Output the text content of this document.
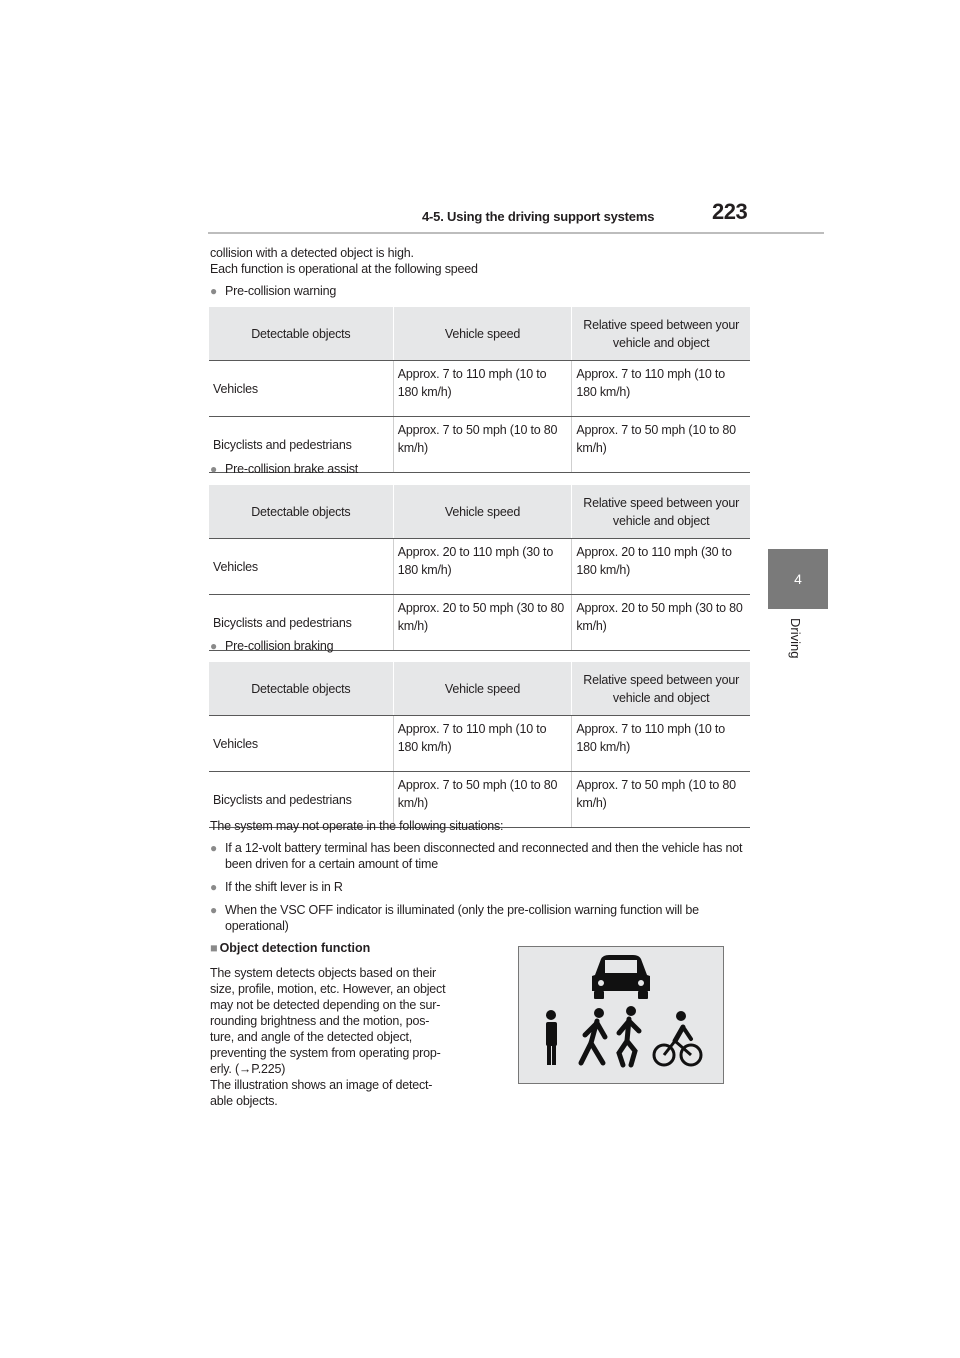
4-5. Using the driving support systems	223
4
Driving
collision with a detected object is high.
Each function is operational at the following speed
● Pre-collision warning
Detectable objects	Vehicle speed	Relative speed between your vehicle and object
Vehicles	Approx. 7 to 110 mph (10 to 180 km/h)	Approx. 7 to 110 mph (10 to 180 km/h)
Bicyclists and pedestrians	Approx. 7 to 50 mph (10 to 80 km/h)	Approx. 7 to 50 mph (10 to 80 km/h)
● Pre-collision brake assist
Detectable objects	Vehicle speed	Relative speed between your vehicle and object
Vehicles	Approx. 20 to 110 mph (30 to 180 km/h)	Approx. 20 to 110 mph (30 to 180 km/h)
Bicyclists and pedestrians	Approx. 20 to 50 mph (30 to 80 km/h)	Approx. 20 to 50 mph (30 to 80 km/h)
● Pre-collision braking
Detectable objects	Vehicle speed	Relative speed between your vehicle and object
Vehicles	Approx. 7 to 110 mph (10 to 180 km/h)	Approx. 7 to 110 mph (10 to 180 km/h)
Bicyclists and pedestrians	Approx. 7 to 50 mph (10 to 80 km/h)	Approx. 7 to 50 mph (10 to 80 km/h)
The system may not operate in the following situations:
● If a 12-volt battery terminal has been disconnected and reconnected and then the vehicle has not been driven for a certain amount of time
● If the shift lever is in R
● When the VSC OFF indicator is illuminated (only the pre-collision warning function will be operational)
■ Object detection function
The system detects objects based on their
size, profile, motion, etc. However, an object
may not be detected depending on the sur-
rounding brightness and the motion, pos-
ture, and angle of the detected object,
preventing the system from operating prop-
erly. (→P.225)
The illustration shows an image of detect-
able objects.
